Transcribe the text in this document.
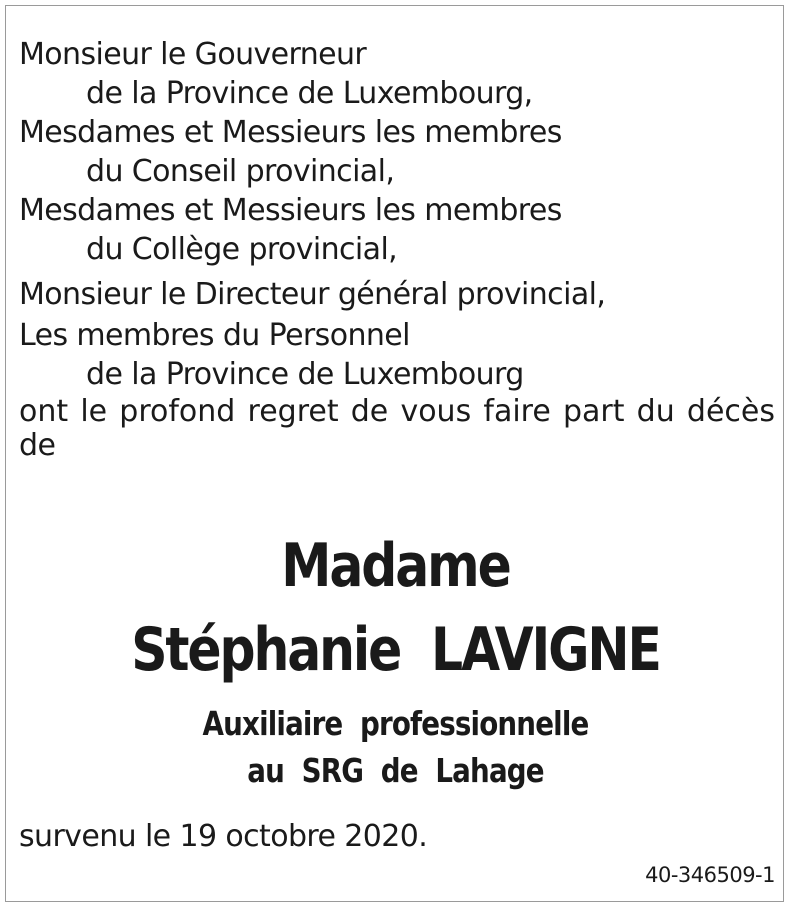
Monsieur le Gouverneur
de la Province de Luxembourg,
Mesdames et Messieurs les membres
du Conseil provincial,
Mesdames et Messieurs les membres
du Collège provincial,
Monsieur le Directeur général provincial,
Les membres du Personnel
de la Province de Luxembourg
ont le profond regret de vous faire part du décès
de
Madame
Stéphanie  LAVIGNE
Auxiliaire  professionnelle
au  SRG  de  Lahage
survenu le 19 octobre 2020.
40-346509-1
